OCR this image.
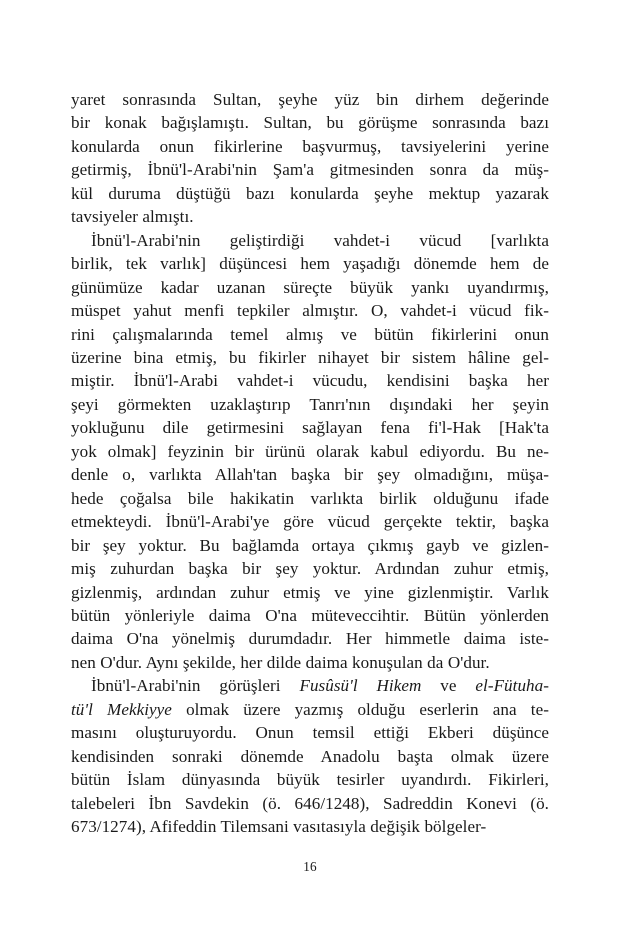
yaret sonrasında Sultan, şeyhe yüz bin dirhem değerinde
bir konak bağışlamıştı. Sultan, bu görüşme sonrasında bazı
konularda onun fikirlerine başvurmuş, tavsiyelerini yerine
getirmiş, İbnü'l-Arabi'nin Şam'a gitmesinden sonra da müş-
kül duruma düştüğü bazı konularda şeyhe mektup yazarak
tavsiyeler almıştı.

İbnü'l-Arabi'nin geliştirdiği vahdet-i vücud [varlıkta
birlik, tek varlık] düşüncesi hem yaşadığı dönemde hem de
günümüze kadar uzanan süreçte büyük yankı uyandırmış,
müspet yahut menfi tepkiler almıştır. O, vahdet-i vücud fik-
rini çalışmalarında temel almış ve bütün fikirlerini onun
üzerine bina etmiş, bu fikirler nihayet bir sistem hâline gel-
miştir. İbnü'l-Arabi vahdet-i vücudu, kendisini başka her
şeyi görmekten uzaklaştırıp Tanrı'nın dışındaki her şeyin
yokluğunu dile getirmesini sağlayan fena fi'l-Hak [Hak'ta
yok olmak] feyzinin bir ürünü olarak kabul ediyordu. Bu ne-
denle o, varlıkta Allah'tan başka bir şey olmadığını, müşa-
hede çoğalsa bile hakikatin varlıkta birlik olduğunu ifade
etmekteydi. İbnü'l-Arabi'ye göre vücud gerçekte tektir, başka
bir şey yoktur. Bu bağlamda ortaya çıkmış gayb ve gizlen-
miş zuhurdan başka bir şey yoktur. Ardından zuhur etmiş,
gizlenmiş, ardından zuhur etmiş ve yine gizlenmiştir. Varlık
bütün yönleriyle daima O'na müteveccihtir. Bütün yönlerden
daima O'na yönelmiş durumdadır. Her himmetle daima iste-
nen O'dur. Aynı şekilde, her dilde daima konuşulan da O'dur.

İbnü'l-Arabi'nin görüşleri Fusûsü'l Hikem ve el-Fütuha-
tü'l Mekkiyye olmak üzere yazmış olduğu eserlerin ana te-
masını oluşturuyordu. Onun temsil ettiği Ekberi düşünce
kendisinden sonraki dönemde Anadolu başta olmak üzere
bütün İslam dünyasında büyük tesirler uyandırdı. Fikirleri,
talebeleri İbn Savdekin (ö. 646/1248), Sadreddin Konevi (ö.
673/1274), Afifeddin Tilemsani vasıtasıyla değişik bölgeler-

16
